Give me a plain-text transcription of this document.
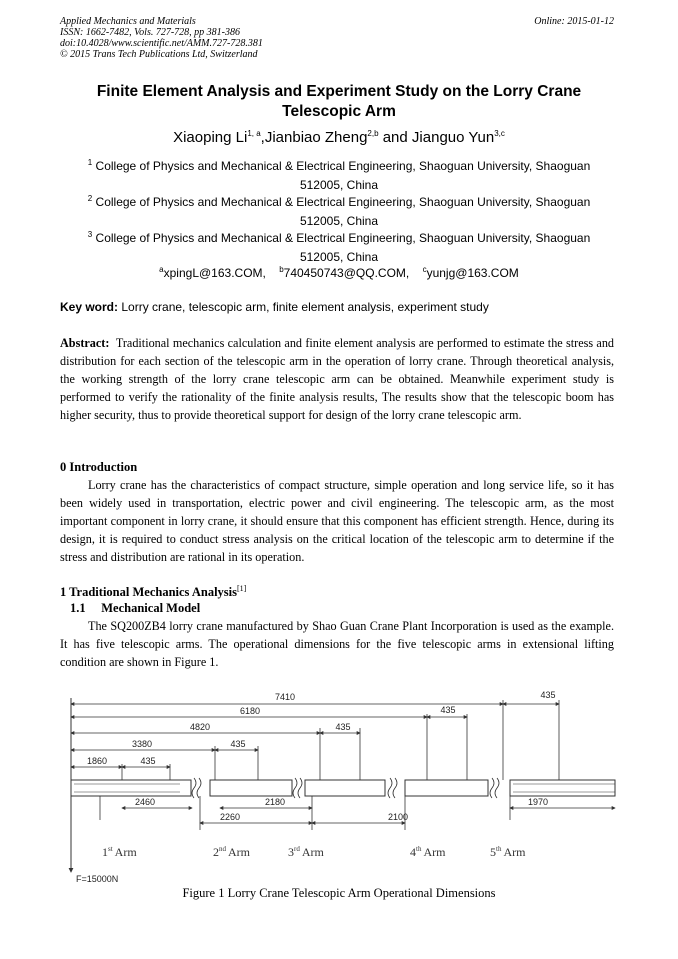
Applied Mechanics and Materials
ISSN: 1662-7482, Vols. 727-728, pp 381-386
doi:10.4028/www.scientific.net/AMM.727-728.381
© 2015 Trans Tech Publications Ltd, Switzerland
Online: 2015-01-12
Finite Element Analysis and Experiment Study on the Lorry Crane
Telescopic Arm
Xiaoping Li$^{1, a}$,Jianbiao Zheng$^{2,b}$ and Jianguo Yun$^{3,c}$
$^1$ College of Physics and Mechanical & Electrical Engineering, Shaoguan University, Shaoguan
512005, China
$^2$ College of Physics and Mechanical & Electrical Engineering, Shaoguan University, Shaoguan
512005, China
$^3$ College of Physics and Mechanical & Electrical Engineering, Shaoguan University, Shaoguan
512005, China
$^a$xpingL@163.COM, $^b$740450743@QQ.COM, $^c$yunjg@163.COM
Key word: Lorry crane, telescopic arm, finite element analysis, experiment study
Abstract: Traditional mechanics calculation and finite element analysis are performed to estimate the stress and distribution for each section of the telescopic arm in the operation of lorry crane. Through theoretical analysis, the working strength of the lorry crane telescopic arm can be obtained. Meanwhile experiment study is performed to verify the rationality of the finite analysis results, The results show that the telescopic boom has higher security, thus to provide theoretical support for design of the lorry crane telescopic arm.
0 Introduction
Lorry crane has the characteristics of compact structure, simple operation and long service life, so it has been widely used in transportation, electric power and civil engineering. The telescopic arm, as the most important component in lorry crane, it should ensure that this component has efficient strength. Hence, during its design, it is required to conduct stress analysis on the critical location of the telescopic arm to determine if the stress and distribution are rational in its operation.
1 Traditional Mechanics Analysis[1]
1.1     Mechanical Model
The SQ200ZB4 lorry crane manufactured by Shao Guan Crane Plant Incorporation is used as the example. It has five telescopic arms. The operational dimensions for the five telescopic arms in extensional lifting condition are shown in Figure 1.
7410
6180
4820
3380
1860
435
435
435
435
435
2460	2180
2260	2100
1970
1st Arm	2nd Arm	3rd Arm	4th Arm	5th Arm
F=15000N
Figure 1 Lorry Crane Telescopic Arm Operational Dimensions
